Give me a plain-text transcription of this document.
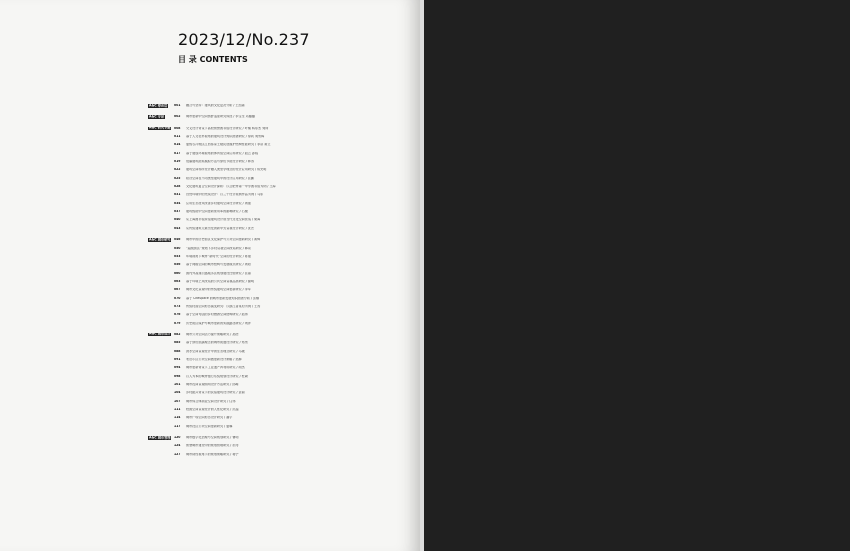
2023/12/No.237
目 录 CONTENTS
A&C 卷首语	001	融合与坚持：建筑的文化层次分析 / 王绍森
A&C 专论	002	城市更新中空间热舒适度研究综述 / 李宝生 邓璐璐
A&C 研究专题	008	交叉设计背景下高校智慧图书馆设计研究 / 叶楠 杨东杰 刘琦
011	基于人文社科视角的建筑设计知识图谱研究 / 徐莉 周雪梅
014	夏热冬冷地区江西客家土楼民居围护结构性能研究 / 李彦 黄立
017	基于建成环境视角的体育馆空间应用研究 / 赵云 孙程
019	低碳建筑能耗模拟方法与绿色节能设计研究 / 林涛
022	建筑空间场所设计融入类型学理念的设计应用研究 / 陈光明
025	阳台空间在不同类型建筑中的设计应用研究 / 张鹏
028	文化建筑复合空间设计探析：以合肥市第一中学图书馆为例 / 王海
031	自然环境中的光线设计：以三个设计案例作品为例 / 马东
034	应用生态技术改善乡村建筑空间设计研究 / 周强
037	建筑热能中空间更新使用率的影响研究 / 石健
040	从上海图书馆东馆建筑设计谈当代文化空间营造 / 梁海
043	从传统建筑元素出发的新中式景观设计研究 / 沈志
A&C 城市研究	046	城市中的历史街区文化保护与公共空间更新研究 / 黄辉
050	“超级街区”规划下乡村景观空间改造研究 / 韩亮
053	环境视角下城市“新时代”空间的设计研究 / 陈强
056	基于网格空间的城市结构与发展模式研究 / 周阳
060	国内外高速公路服务区规划建设比较研究 / 张丽
063	基于环境艺术改造的公共空间景观品质研究 / 谢明
067	城市文化景观中的传统建筑空间更新研究 / 李军
070	基于 CiteSpace 的城市更新发展知识图谱分析 / 张娜
073	传统村落空间形态演变研究：以浙江省某村为例 / 王涛
076	基于空间句法的乡村旅游空间结构研究 / 赵伟
079	历史街区保护与城市更新的实践路径研究 / 刘洋
A&C 城市设计	082	城市公共空间活力提升策略研究 / 孙浩
085	基于绿色低碳理念的城市街道设计研究 / 郑雪
088	滨水空间景观设计中的生态理念研究 / 马骏
091	老旧小区公共空间微更新设计策略 / 吴静
094	城市更新背景下工业遗产再利用研究 / 胡杰
098	以人为本的城市慢行系统规划设计研究 / 杜敏
101	城市夜间景观照明设计方法研究 / 邱峰
104	乡村振兴背景下的民宿建筑设计研究 / 袁丽
107	城市综合体商业空间设计研究 / 任伟
111	校园空间景观设计的人性化研究 / 范超
114	城市广场空间形态设计研究 / 潘宇
117	城市社区公共空间更新研究 / 夏琳
A&C 城市管理	120	城市数字化治理与空间规划研究 / 曹明
124	智慧城市建设中的规划管理研究 / 彭涛
127	城市韧性视角下的规划策略研究 / 蒋宁
